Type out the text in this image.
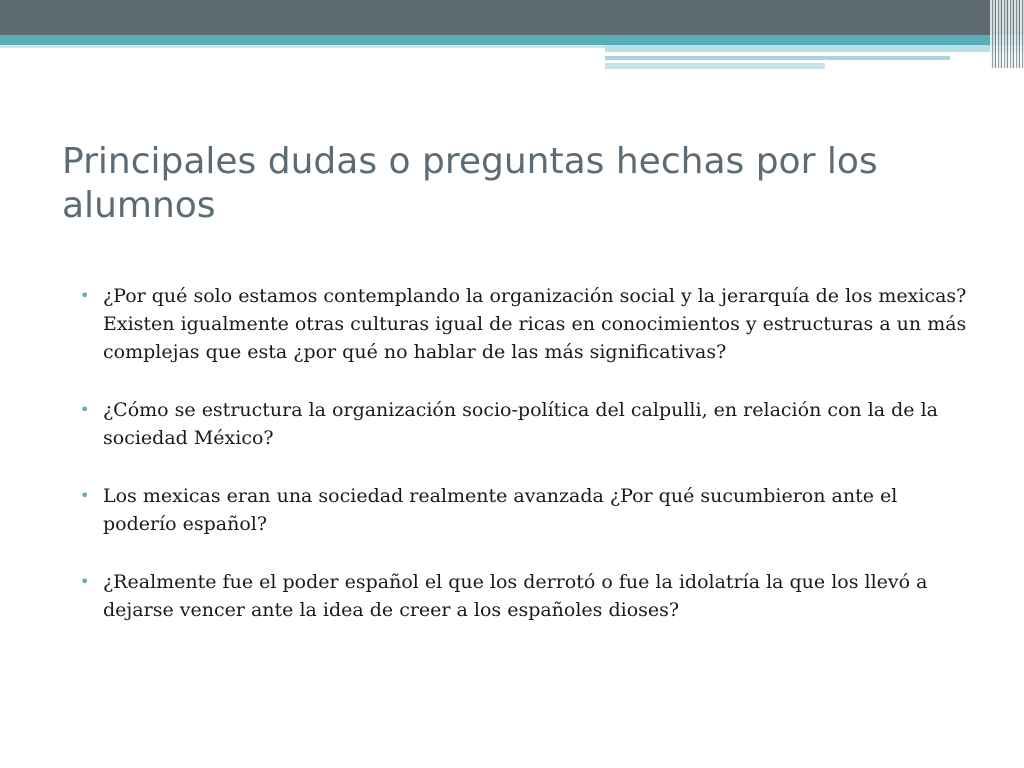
Principales dudas o preguntas hechas por los alumnos
• ¿Por qué solo estamos contemplando la organización social y la jerarquía de los mexicas? Existen igualmente otras culturas igual de ricas en conocimientos y estructuras a un más complejas que esta ¿por qué no hablar de las más significativas?
• ¿Cómo se estructura la organización socio-política del calpulli, en relación con la de la sociedad México?
• Los mexicas eran una sociedad realmente avanzada ¿Por qué sucumbieron ante el poderío español?
• ¿Realmente fue el poder español el que los derrotó o fue la idolatría la que los llevó a dejarse vencer ante la idea de creer a los españoles dioses?
